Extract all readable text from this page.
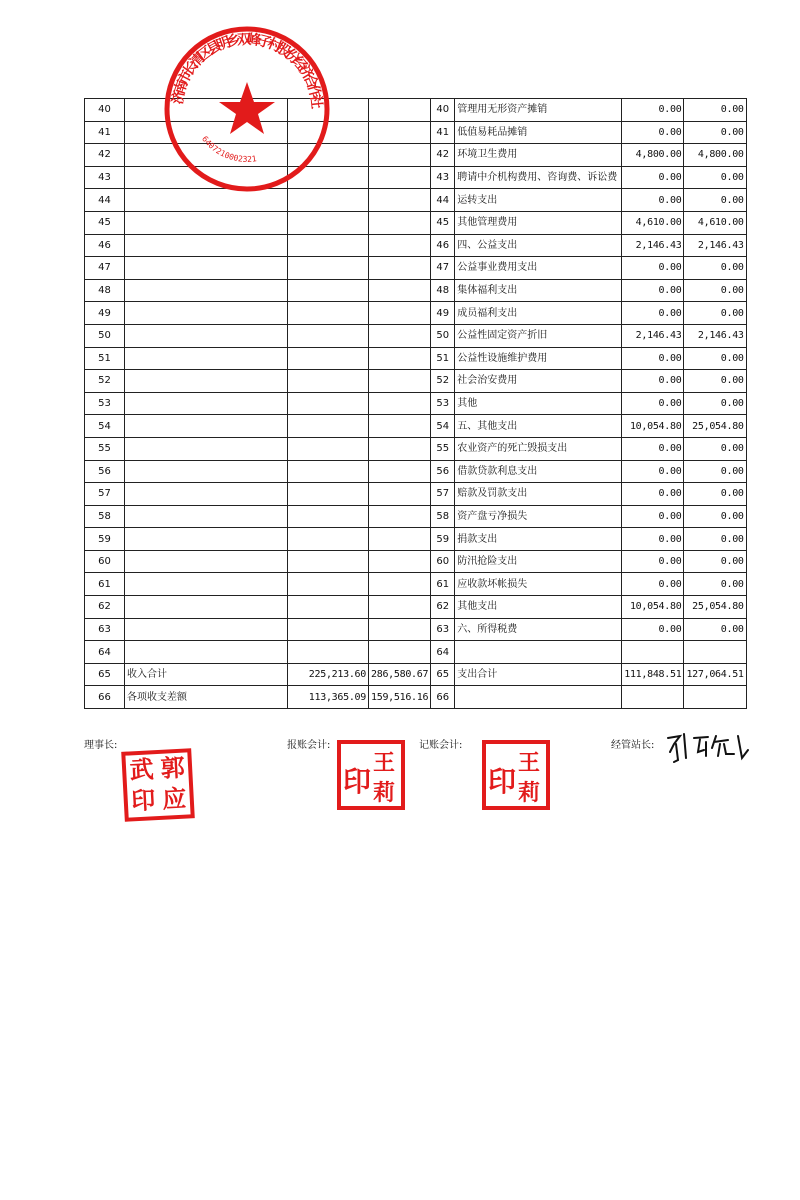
40				40	管理用无形资产摊销	0.00	0.00
41				41	低值易耗品摊销	0.00	0.00
42				42	环境卫生费用	4,800.00	4,800.00
43				43	聘请中介机构费用、咨询费、诉讼费	0.00	0.00
44				44	运转支出	0.00	0.00
45				45	其他管理费用	4,610.00	4,610.00
46				46	四、公益支出	2,146.43	2,146.43
47				47	公益事业费用支出	0.00	0.00
48				48	集体福利支出	0.00	0.00
49				49	成员福利支出	0.00	0.00
50				50	公益性固定资产折旧	2,146.43	2,146.43
51				51	公益性设施维护费用	0.00	0.00
52				52	社会治安费用	0.00	0.00
53				53	其他	0.00	0.00
54				54	五、其他支出	10,054.80	25,054.80
55				55	农业资产的死亡毁损支出	0.00	0.00
56				56	借款贷款利息支出	0.00	0.00
57				57	赔款及罚款支出	0.00	0.00
58				58	资产盘亏净损失	0.00	0.00
59				59	捐款支出	0.00	0.00
60				60	防汛抢险支出	0.00	0.00
61				61	应收款坏帐损失	0.00	0.00
62				62	其他支出	10,054.80	25,054.80
63				63	六、所得税费	0.00	0.00
64				64			
65	收入合计	225,213.60	286,580.67	65	支出合计	111,848.51	127,064.51
66	各项收支差额	113,365.09	159,516.16	66			
理事长:	报账会计:	记账会计:	经管站长:
武 郭
印 应
印
王
莉	印
王
莉
济南市长清区县明乡双峰子村股份经济合作社
6407210002321
